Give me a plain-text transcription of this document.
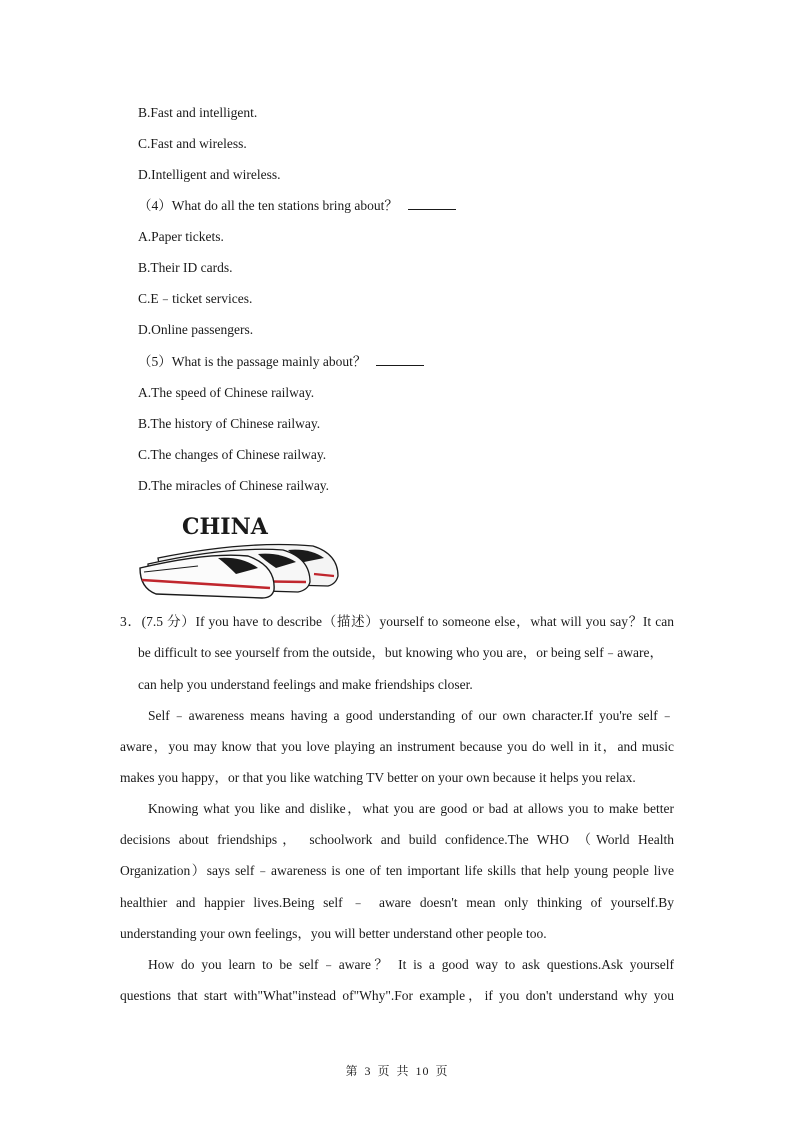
B.Fast and intelligent.
C.Fast and wireless.
D.Intelligent and wireless.
（4）What do all the ten stations bring about？
A.Paper tickets.
B.Their ID cards.
C.E﹣ticket services.
D.Online passengers.
（5）What is the passage mainly about？
A.The speed of Chinese railway.
B.The history of Chinese railway.
C.The changes of Chinese railway.
D.The miracles of Chinese railway.
CHINA
3．(7.5 分）If you have to describe（描述）yourself to someone else，what will you say？It can
be difficult to see yourself from the outside，but knowing who you are，or being self﹣aware，
can help you understand feelings and make friendships closer.
Self﹣awareness means having a good understanding of our own character.If you're self﹣
aware，you may know that you love playing an instrument because you do well in it，and music
makes you happy，or that you like watching TV better on your own because it helps you relax.
Knowing what you like and dislike，what you are good or bad at allows you to make better
decisions about friendships， schoolwork and build confidence.The WHO （World Health
Organization）says self﹣awareness is one of ten important life skills that help young people live
healthier and happier lives.Being self ﹣ aware doesn't mean only thinking of yourself.By
understanding your own feelings，you will better understand other people too.
How do you learn to be self﹣aware？ It is a good way to ask questions.Ask yourself
questions that start with"What"instead of"Why".For example，if you don't understand why you
第 3 页 共 10 页
